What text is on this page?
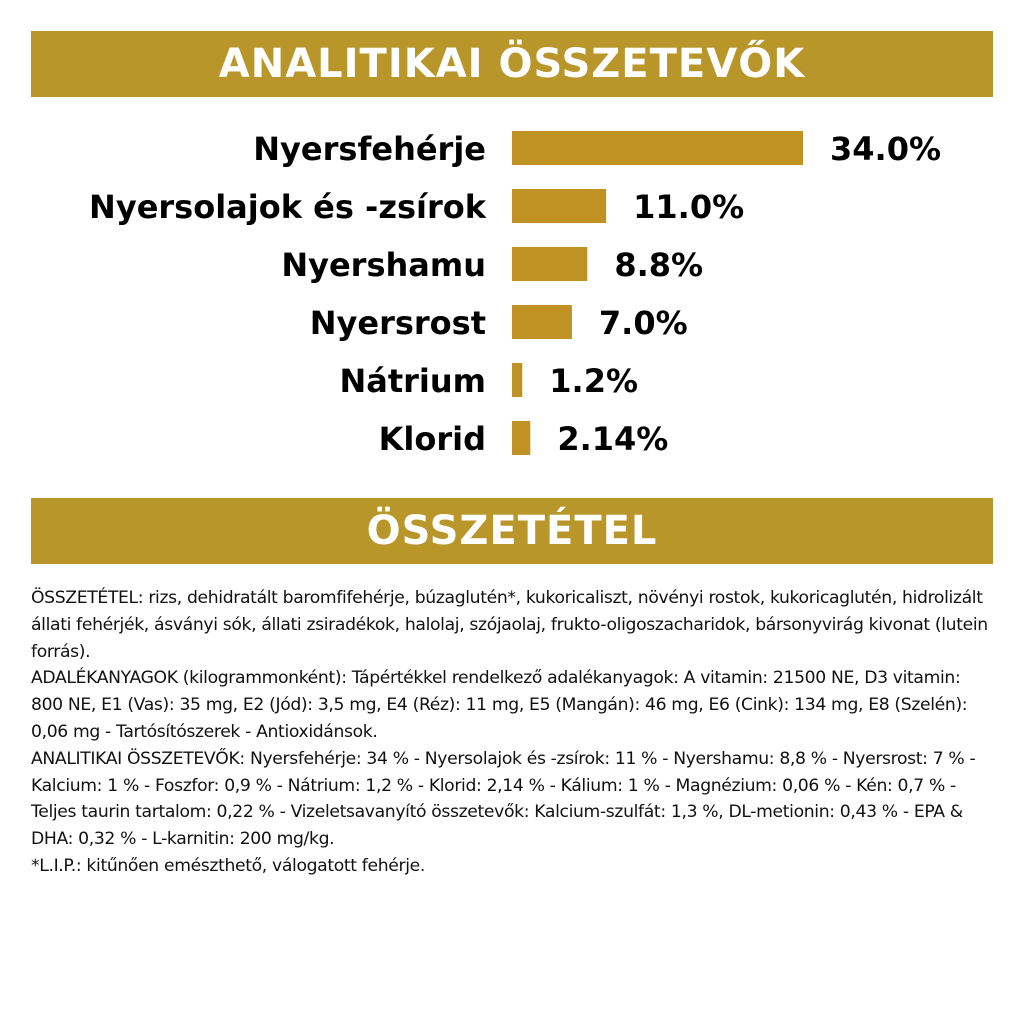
ANALITIKAI ÖSSZETEVŐK
Nyersfehérje	34.0%
Nyersolajok és -zsírok	11.0%
Nyershamu	8.8%
Nyersrost	7.0%
Nátrium 1.2%
Klorid 2.14%
ÖSSZETÉTEL

ÖSSZETÉTEL: rizs, dehidratált baromfifehérje, búzaglutén*, kukoricaliszt, növényi rostok, kukoricaglutén, hidrolizált állati fehérjék, ásványi sók, állati zsiradékok, halolaj, szójaolaj, frukto-oligoszacharidok, bársonyvirág kivonat (lutein forrás).

ADALÉKANYAGOK (kilogrammonként): Tápértékkel rendelkező adalékanyagok: A vitamin: 21500 NE, D3 vitamin: 800 NE, E1 (Vas): 35 mg, E2 (Jód): 3,5 mg, E4 (Réz): 11 mg, E5 (Mangán): 46 mg, E6 (Cink): 134 mg, E8 (Szelén): 0,06 mg - Tartósítószerek - Antioxidánsok.

ANALITIKAI ÖSSZETEVŐK: Nyersfehérje: 34 % - Nyersolajok és -zsírok: 11 % - Nyershamu: 8,8 % - Nyersrost: 7 % - Kalcium: 1 % - Foszfor: 0,9 % - Nátrium: 1,2 % - Klorid: 2,14 % - Kálium: 1 % - Magnézium: 0,06 % - Kén: 0,7 % - Teljes taurin tartalom: 0,22 % - Vizeletsavanyító összetevők: Kalcium-szulfát: 1,3 %, DL-metionin: 0,43 % - EPA & DHA: 0,32 % - L-karnitin: 200 mg/kg.

*L.I.P.: kitűnően emészthető, válogatott fehérje.
